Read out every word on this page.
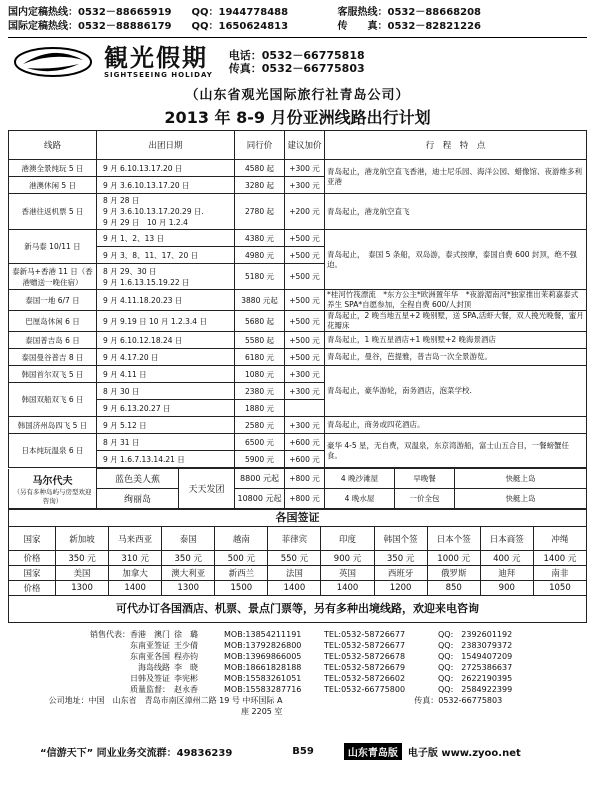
国内定稿热线：0532－88665919　　 QQ：1944778488	客服热线：0532－88668208
国际定稿热线：0532－88886179　　 QQ：1650624813	传　　真：0532－82821226
観光假期
SIGHTSEEING HOLIDAY
电话：0532－66775818
传真：0532－66775803
（山东省观光国际旅行社青岛公司）
2013 年 8-9 月份亚洲线路出行计划
线路	出团日期	同行价	建议加价	行　程　特　点
港澳全景纯玩 5 日	9 月 6.10.13.17.20 日	4580 起	+300 元	青岛起止，港龙航空直飞香港，迪士尼乐园、海洋公园、蜡像馆、夜游维多利亚港
港澳休闲 5 日	9 月 3.6.10.13.17.20 日	3280 起	+300 元	
香港往返机票 5 日	8 月 28 日
9 月 3.6.10.13.17.20.29 日.
9 月 29 日　10 月 1.2.4	2780 起	+200 元	青岛起止，港龙航空直飞
新马泰 10/11 日	9 月 1、2、13 日	4380 元	+500 元	青岛起止，　泰国 5 条船，双岛游，泰式按摩，泰国自费 600 封顶，绝不强迫。
	9 月 3、8、11、17、20 日	4980 元	+500 元	
泰新马+香港 11 日（香港赠送一晚住宿）	8 月 29、30 日
9 月 1.6.13.15.19.22 日	5180 元	+500 元	
泰国一地 6/7 日	9 月 4.11.18.20.23 日	3880 元起	+500 元	*桂河竹筏漂流　*东方公主*欧洲置年华　*夜游湄南河*独家推出茉莉嘉泰式养生 SPA*自愿参加，全程自费 600/人封顶
巴厘岛休闲 6 日	9 月 9.19 日 10 月 1.2.3.4 日	5680 起	+500 元	青岛起止，2 晚当地五星+2 晚别墅，送 SPA,活虾大餐，双人挽光晚餐，蜜月花瓣床
泰国普吉岛 6 日	9 月 6.10.12.18.24 日	5580 起	+500 元	青岛起止，1 晚五星酒店+1 晚别墅+2 晚海景酒店
泰国曼谷普吉 8 日	9 月 4.17.20 日	6180 元	+500 元	青岛起止，曼谷，芭提雅，普吉岛一次全景游览。
韩国首尔双飞 5 日	9 月 4.11 日	1080 元	+300 元	青岛起止，豪华游轮，南务酒店，泡菜学校.
韩国双船双飞 6 日	8 月 30 日	2380 元	+300 元	
	9 月 6.13.20.27 日	1880 元		
韩国济州岛四飞 5 日	9 月 5.12 日	2580 元	+300 元	青岛起止，商务或四花酒店。
日本纯玩温泉 6 日	8 月 31 日	6500 元	+600 元	豪华 4-5 星，无自费，双温泉，东京湾游船，富士山五合目，一餐螃蟹任食。
	9 月 1.6.7.13.14.21 日	5900 元	+600 元	
马尔代夫
（另有多种岛屿与房型欢迎咨询）	蓝色美人蕉	天天发团	8800 元起	+800 元	4 晚沙滩屋	早晚餐	快艇上岛
	绚丽岛		10800 元起	+800 元	4 晚水屋	一价全包	快艇上岛
各国签证
国家	新加坡	马来西亚	泰国	越南	菲律宾	印度	韩国个签	日本个签	日本商签	冲绳
价格	350 元	310 元	350 元	500 元	550 元	900 元	350 元	1000 元	400 元	1400 元
国家	美国	加拿大	澳大利亚	新西兰	法国	英国	西班牙	俄罗斯	迪拜	南非
价格	1300	1400	1300	1500	1400	1400	1200	850	900	1050
可代办订各国酒店、机票、景点门票等，另有多种出境线路，欢迎来电咨询
销售代表：香港　澳门 徐　璐	MOB:13854211191	TEL:0532-58726677	QQ:　2392601192
东南亚签证 王少倩	MOB:13792826800	TEL:0532-58726677	QQ:　2383079372
东南亚各国 程亦钧	MOB:13969866005	TEL:0532-58726678	QQ:　1549407209
海岛线路 李　晓	MOB:18661828188	TEL:0532-58726679	QQ:　2725386637
日韩及签证 李宪彬	MOB:15583261051	TEL:0532-58726602	QQ:　2622190395
质量监督： 赵永香	MOB:15583287716	TEL:0532-66775800	QQ:　2584922399
公司地址：中国　山东省　青岛市南区漳州二路 19 号 中环国际 A 座 2205 室
传真：0532-66775803
“信游天下” 同业业务交流群：49836239	B59	山东青岛版	电子版 www.zyoo.net
